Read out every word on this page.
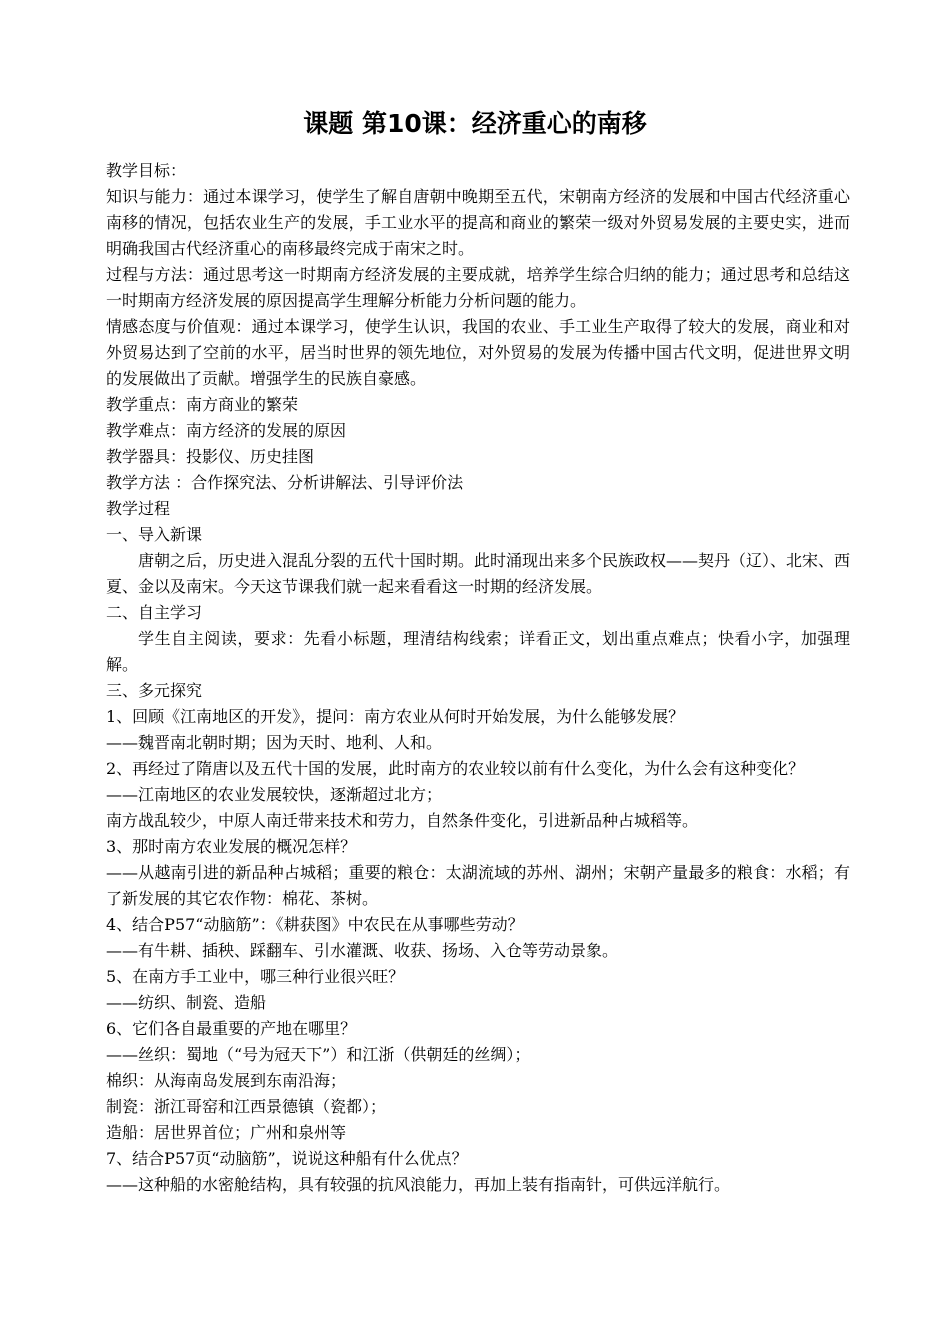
课题 第10课：经济重心的南移

教学目标：

知识与能力：通过本课学习，使学生了解自唐朝中晚期至五代，宋朝南方经济的发展和中国古代经济重心南移的情况，包括农业生产的发展，手工业水平的提高和商业的繁荣一级对外贸易发展的主要史实，进而明确我国古代经济重心的南移最终完成于南宋之时。

过程与方法：通过思考这一时期南方经济发展的主要成就，培养学生综合归纳的能力；通过思考和总结这一时期南方经济发展的原因提高学生理解分析能力分析问题的能力。

情感态度与价值观：通过本课学习，使学生认识，我国的农业、手工业生产取得了较大的发展，商业和对外贸易达到了空前的水平，居当时世界的领先地位，对外贸易的发展为传播中国古代文明，促进世界文明的发展做出了贡献。增强学生的民族自豪感。

教学重点：南方商业的繁荣

教学难点：南方经济的发展的原因

教学器具：投影仪、历史挂图

教学方法 ：合作探究法、分析讲解法、引导评价法

教学过程

一、导入新课

唐朝之后，历史进入混乱分裂的五代十国时期。此时涌现出来多个民族政权——契丹（辽）、北宋、西夏、金以及南宋。今天这节课我们就一起来看看这一时期的经济发展。

二、自主学习

学生自主阅读，要求：先看小标题，理清结构线索；详看正文，划出重点难点；快看小字，加强理解。

三、多元探究

1、回顾《江南地区的开发》，提问：南方农业从何时开始发展，为什么能够发展？

——魏晋南北朝时期；因为天时、地利、人和。

2、再经过了隋唐以及五代十国的发展，此时南方的农业较以前有什么变化，为什么会有这种变化？

——江南地区的农业发展较快，逐渐超过北方；

南方战乱较少，中原人南迁带来技术和劳力，自然条件变化，引进新品种占城稻等。

3、那时南方农业发展的概况怎样？

——从越南引进的新品种占城稻；重要的粮仓：太湖流域的苏州、湖州；宋朝产量最多的粮食：水稻；有了新发展的其它农作物：棉花、茶树。

4、结合P57“动脑筋”：《耕获图》中农民在从事哪些劳动？

——有牛耕、插秧、踩翻车、引水灌溉、收获、扬场、入仓等劳动景象。

5、在南方手工业中，哪三种行业很兴旺？

——纺织、制瓷、造船

6、它们各自最重要的产地在哪里？

——丝织：蜀地（“号为冠天下”）和江浙（供朝廷的丝绸）；

棉织：从海南岛发展到东南沿海；

制瓷：浙江哥窑和江西景德镇（瓷都）；

造船：居世界首位；广州和泉州等

7、结合P57页“动脑筋”，说说这种船有什么优点？

——这种船的水密舱结构，具有较强的抗风浪能力，再加上装有指南针，可供远洋航行。
